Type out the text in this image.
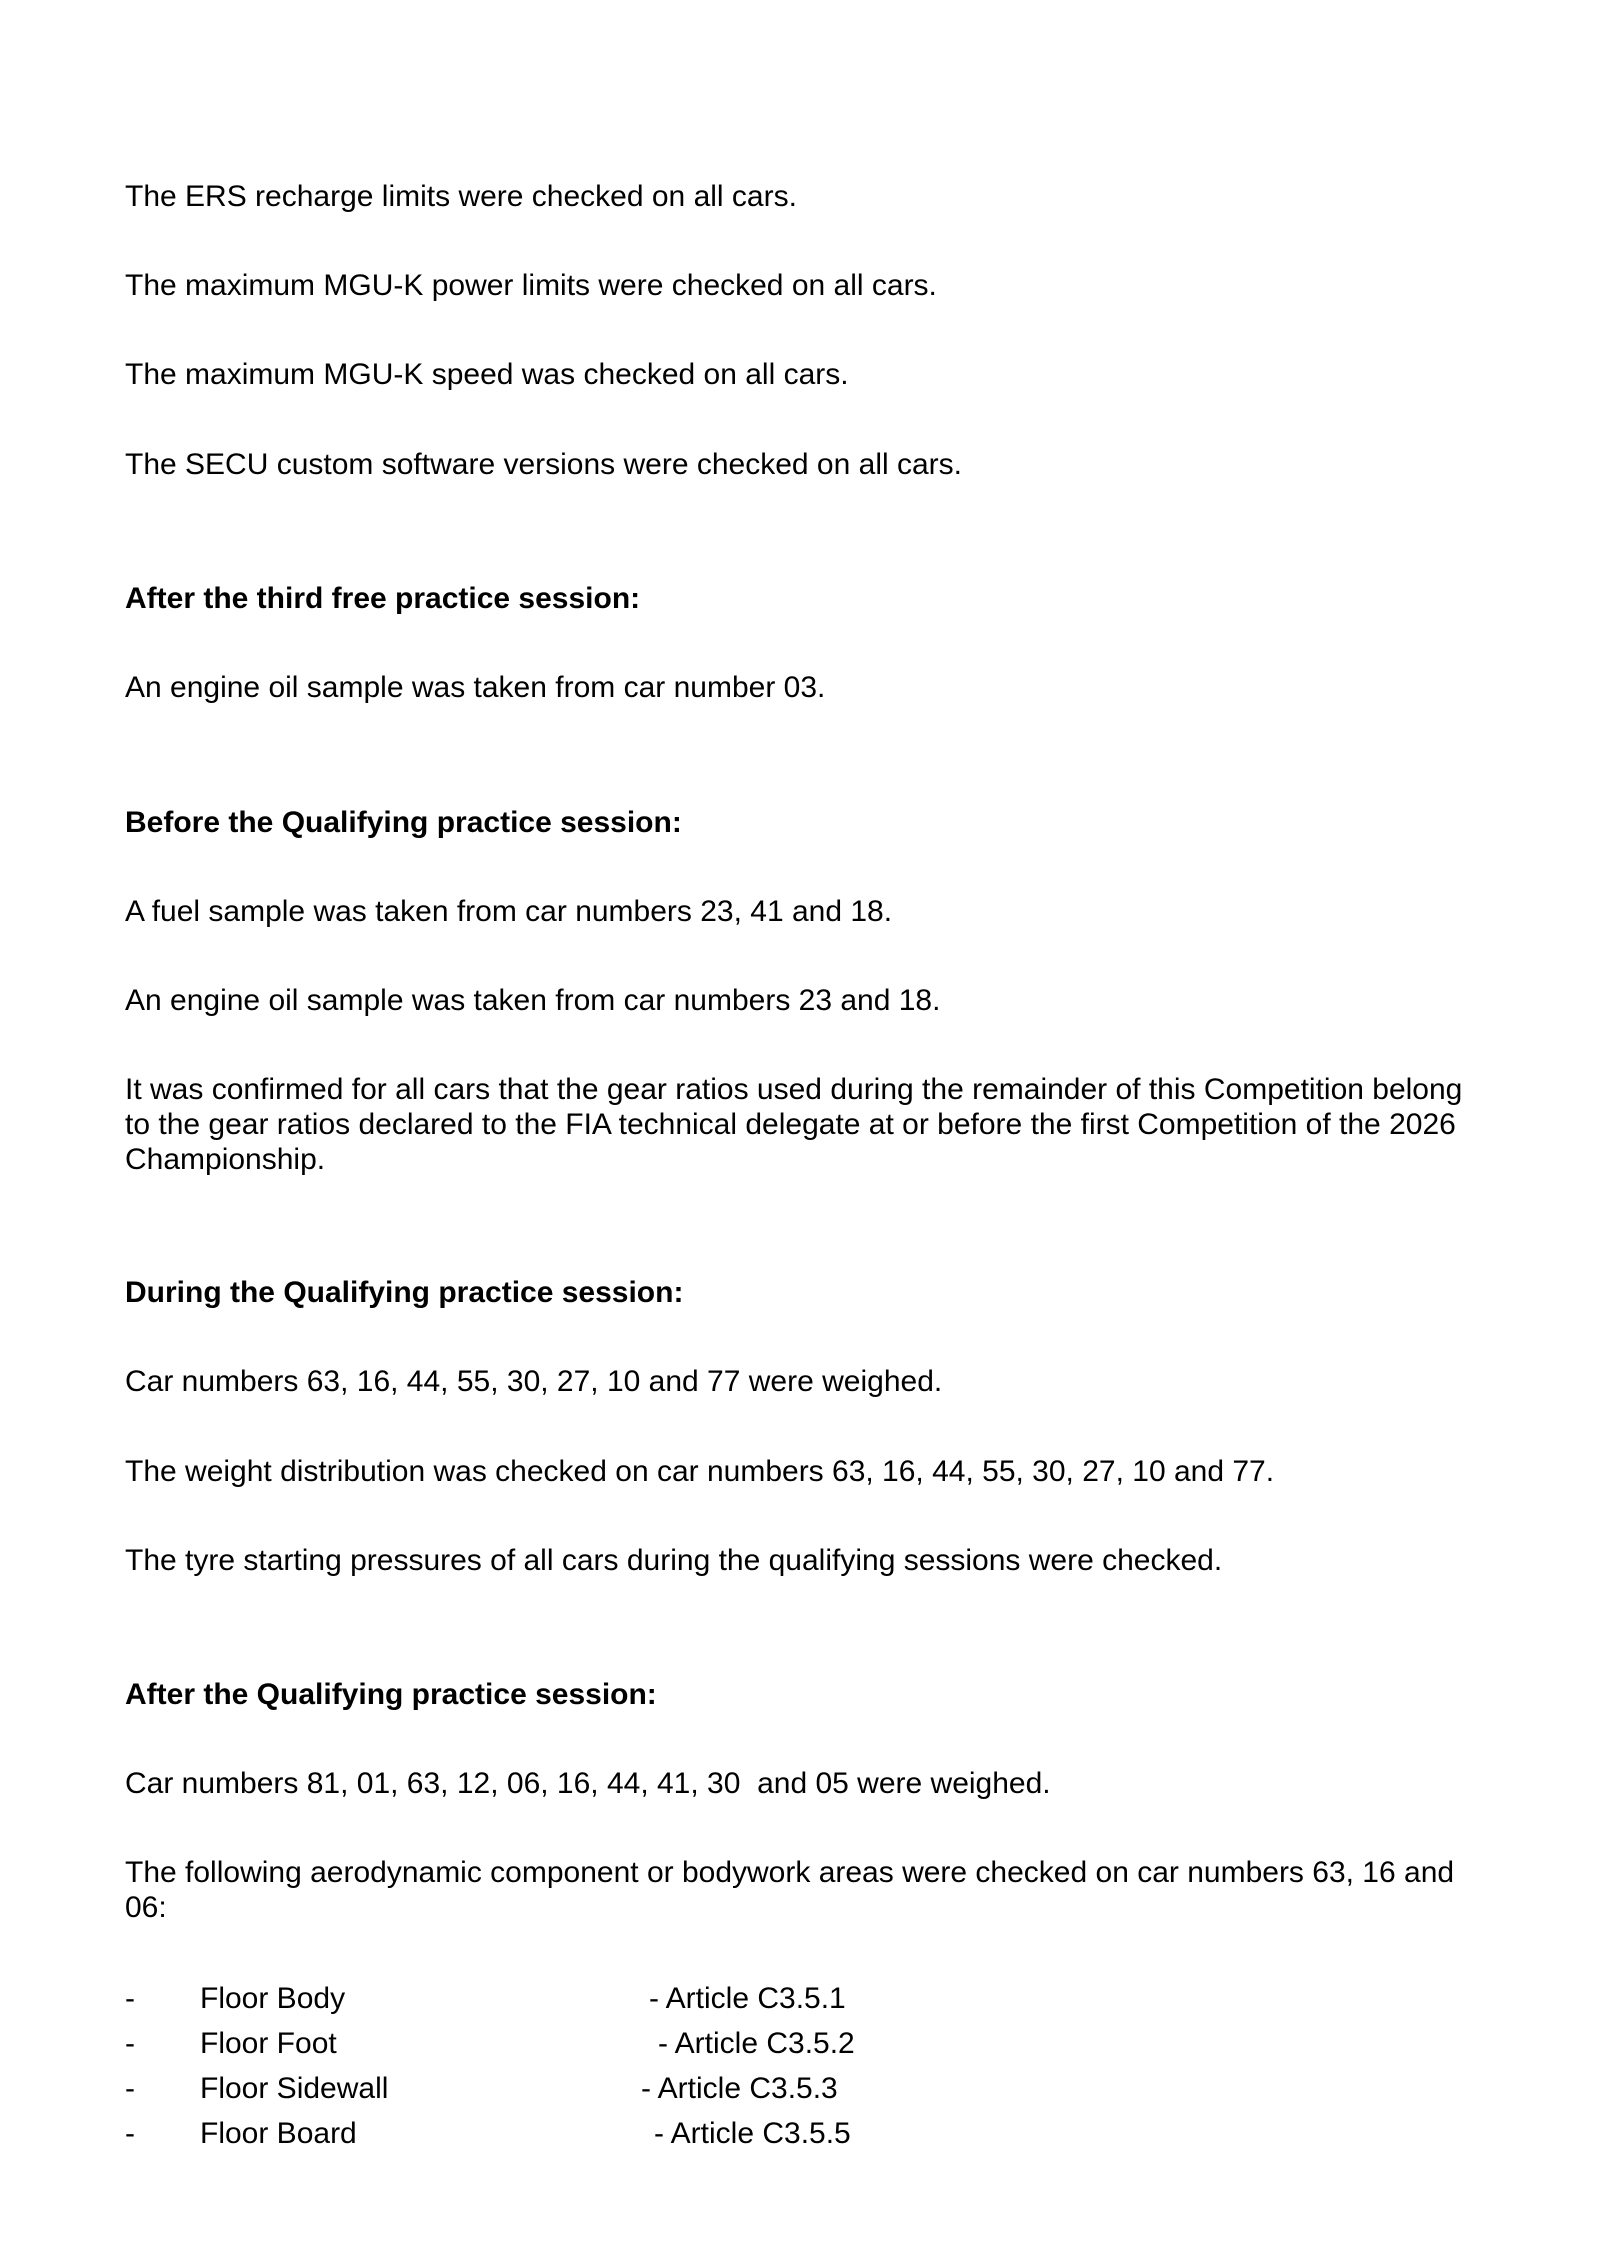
The ERS recharge limits were checked on all cars.

The maximum MGU-K power limits were checked on all cars.

The maximum MGU-K speed was checked on all cars.

The SECU custom software versions were checked on all cars.

After the third free practice session:

An engine oil sample was taken from car number 03.

Before the Qualifying practice session:

A fuel sample was taken from car numbers 23, 41 and 18.

An engine oil sample was taken from car numbers 23 and 18.

It was confirmed for all cars that the gear ratios used during the remainder of this Competition belong to the gear ratios declared to the FIA technical delegate at or before the first Competition of the 2026 Championship.

During the Qualifying practice session:

Car numbers 63, 16, 44, 55, 30, 27, 10 and 77 were weighed.

The weight distribution was checked on car numbers 63, 16, 44, 55, 30, 27, 10 and 77.

The tyre starting pressures of all cars during the qualifying sessions were checked.

After the Qualifying practice session:

Car numbers 81, 01, 63, 12, 06, 16, 44, 41, 30  and 05 were weighed.

The following aerodynamic component or bodywork areas were checked on car numbers 63, 16 and 06:

- Floor Body	- Article C3.5.1
- Floor Foot	- Article C3.5.2
- Floor Sidewall	- Article C3.5.3
- Floor Board	- Article C3.5.5
